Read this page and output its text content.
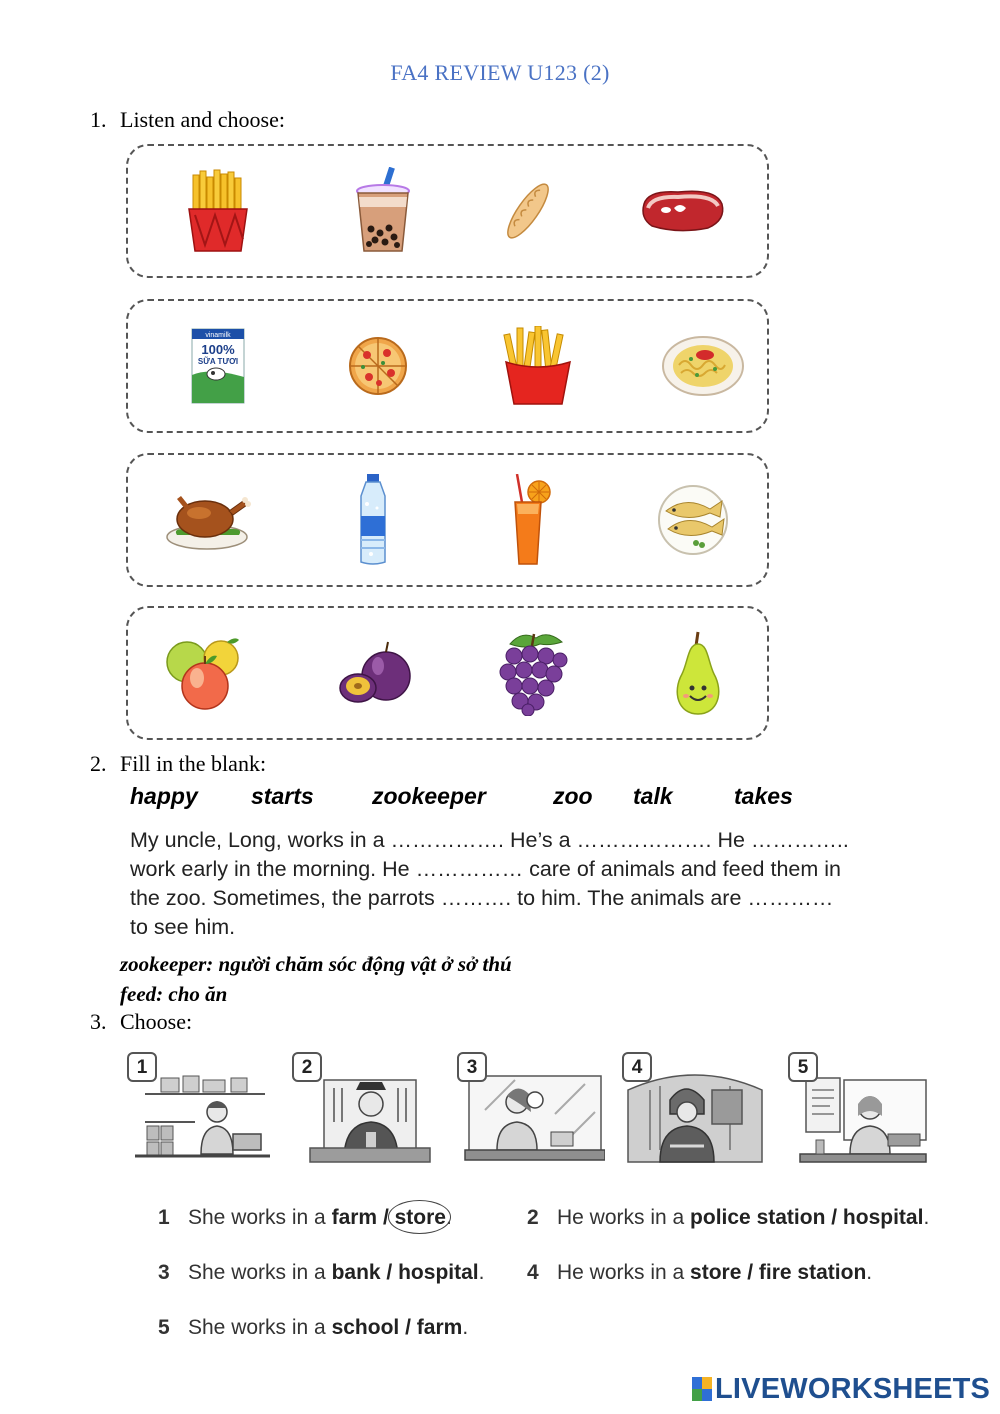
FA4 REVIEW U123 (2)
1. Listen and choose:
vinamilk
100%
SỮA TƯƠI
2. Fill in the blank:
happy starts	zookeeper	zoo talk	takes
My uncle, Long, works in a ……………. He’s a ………………. He …………..
work early in the morning. He …………… care of animals and feed them in
the zoo. Sometimes, the parrots ………. to him. The animals are …………
to see him.
zookeeper: người chăm sóc động vật ở sở thú
feed: cho ăn
3. Choose:
1	2	3	4	5
1 She works in a farm / store.	2 He works in a police station / hospital.
3 She works in a bank / hospital. 4 He works in a store / fire station.
5 She works in a school / farm.
LIVEWORKSHEETS
